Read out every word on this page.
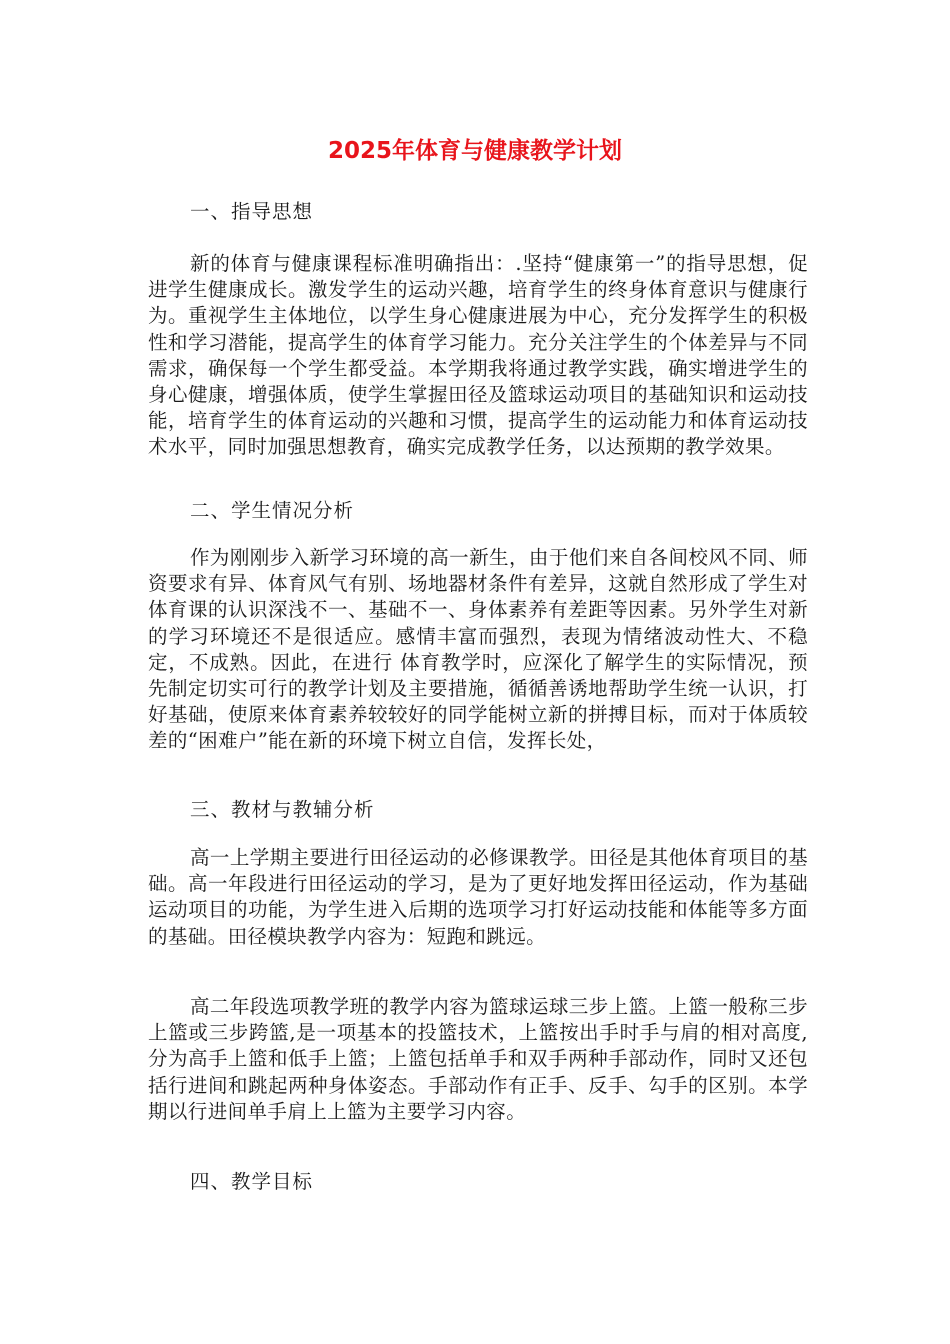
2025年体育与健康教学计划

一、指导思想

新的体育与健康课程标准明确指出：.坚持“健康第一”的指导思想，促进学生健康成长。激发学生的运动兴趣，培育学生的终身体育意识与健康行为。重视学生主体地位，以学生身心健康进展为中心，充分发挥学生的积极性和学习潜能，提高学生的体育学习能力。充分关注学生的个体差异与不同需求，确保每一个学生都受益。本学期我将通过教学实践，确实增进学生的身心健康，增强体质，使学生掌握田径及篮球运动项目的基础知识和运动技能，培育学生的体育运动的兴趣和习惯，提高学生的运动能力和体育运动技术水平，同时加强思想教育，确实完成教学任务，以达预期的教学效果。

二、学生情况分析

作为刚刚步入新学习环境的高一新生，由于他们来自各间校风不同、师资要求有异、体育风气有别、场地器材条件有差异，这就自然形成了学生对体育课的认识深浅不一、基础不一、身体素养有差距等因素。另外学生对新的学习环境还不是很适应。感情丰富而强烈，表现为情绪波动性大、不稳定，不成熟。因此，在进行 体育教学时，应深化了解学生的实际情况，预先制定切实可行的教学计划及主要措施，循循善诱地帮助学生统一认识，打好基础，使原来体育素养较较好的同学能树立新的拼搏目标，而对于体质较差的“困难户”能在新的环境下树立自信，发挥长处，

三、教材与教辅分析

高一上学期主要进行田径运动的必修课教学。田径是其他体育项目的基础。高一年段进行田径运动的学习，是为了更好地发挥田径运动，作为基础运动项目的功能，为学生进入后期的选项学习打好运动技能和体能等多方面的基础。田径模块教学内容为：短跑和跳远。

高二年段选项教学班的教学内容为篮球运球三步上篮。上篮一般称三步上篮或三步跨篮,是一项基本的投篮技术，上篮按出手时手与肩的相对高度,分为高手上篮和低手上篮；上篮包括单手和双手两种手部动作，同时又还包括行进间和跳起两种身体姿态。手部动作有正手、反手、勾手的区别。本学期以行进间单手肩上上篮为主要学习内容。

四、教学目标
